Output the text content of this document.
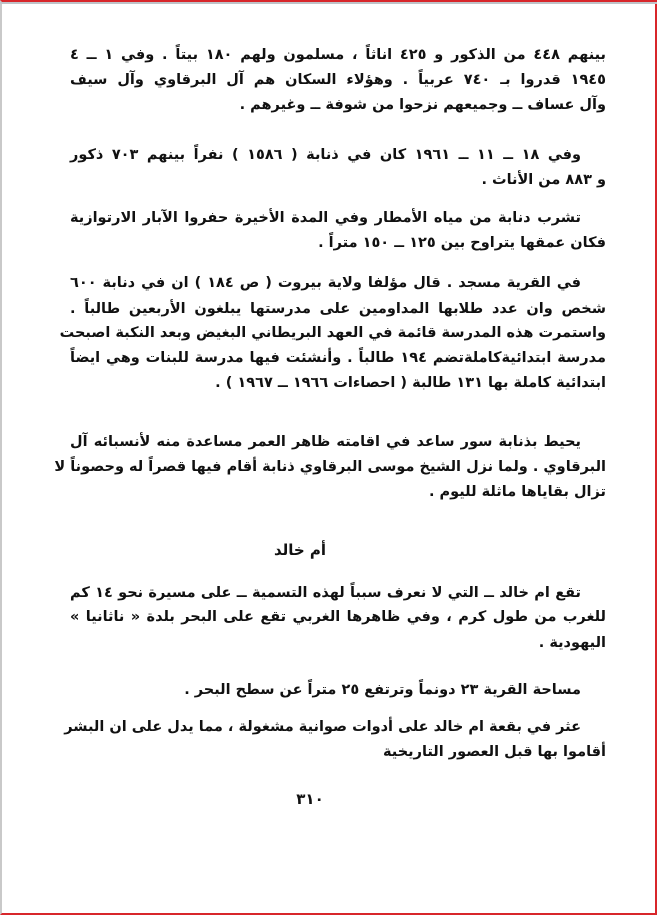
بينهم ٤٤٨ من الذكور و ٤٢٥ اناثاً ، مسلمون ولهم ١٨٠ بيتاً . وفي ١ ــ ٤
١٩٤٥ قدروا بـ ٧٤٠ عربياً . وهؤلاء السكان هم آل البرقاوي وآل سيف
وآل عساف ــ وجميعهم نزحوا من شوفة ــ وغيرهم .
وفي ١٨ ــ ١١ ــ ١٩٦١ كان في ذنابة ( ١٥٨٦ ) نفراً بينهم ٧٠٣ ذكور
و ٨٨٣ من الأناث .
تشرب دنابة من مياه الأمطار وفي المدة الأخيرة حفروا الآبار الارتوازية
فكان عمقها يتراوح بين ١٢٥ ــ ١٥٠ متراً .
في القرية مسجد . قال مؤلفا ولاية بيروت ( ص ١٨٤ ) ان في دنابة ٦٠٠
شخص وان عدد طلابها المداومين على مدرستها يبلغون الأربعين طالباً .
واستمرت هذه المدرسة قائمة في العهد البريطاني البغيض وبعد النكبة اصبحت
مدرسة ابتدائيةكاملةتضم ١٩٤ طالباً . وأنشئت فيها مدرسة للبنات وهي ايضاً
ابتدائية كاملة بها ١٣١ طالبة ( احصاءات ١٩٦٦ ــ ١٩٦٧ ) .
يحيط بذنابة سور ساعد في اقامته ظاهر العمر مساعدة منه لأنسبائه آل
البرقاوي . ولما نزل الشيخ موسى البرقاوي ذنابة أقام فيها قصراً له وحصوناً لا
تزال بقاياها ماثلة لليوم .
أم خالد
تقع ام خالد ــ التي لا نعرف سبباً لهذه التسمية ــ على مسيرة نحو ١٤ كم
للغرب من طول كرم ، وفي ظاهرها الغربي تقع على البحر بلدة « ناثانيا »
اليهودية .
مساحة القرية ٢٣ دونماً وترتفع ٢٥ متراً عن سطح البحر .
عثر في بقعة ام خالد على أدوات صوانية مشغولة ، مما يدل على ان البشر
أقاموا بها قبل العصور التاريخية
٣١٠
